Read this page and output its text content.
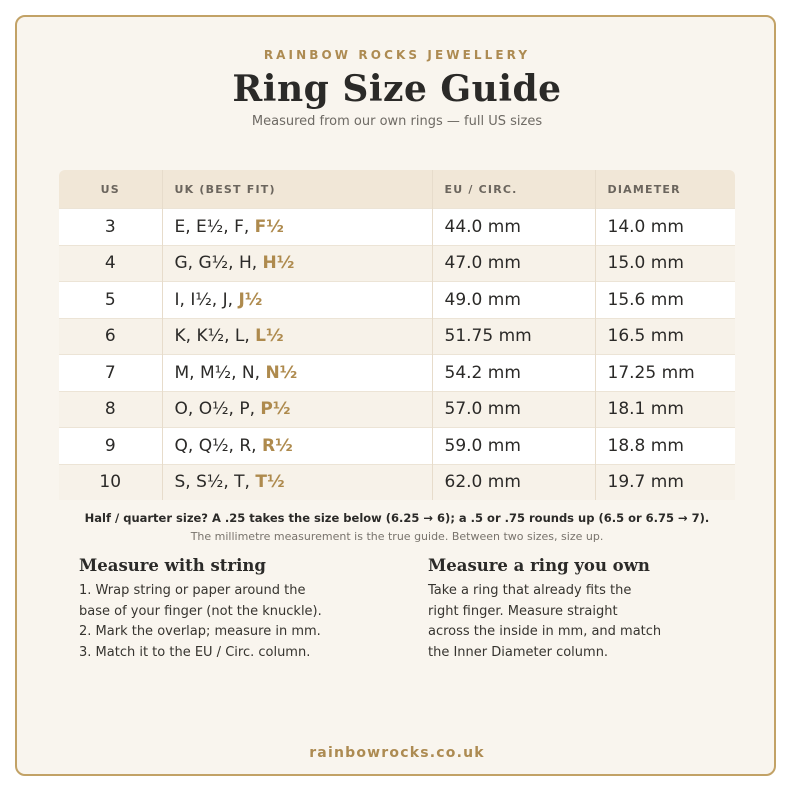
RAINBOW ROCKS JEWELLERY
Ring Size Guide
Measured from our own rings — full US sizes
US	UK (BEST FIT)	EU / CIRC.	DIAMETER
3	E, E½, F, F½	44.0 mm	14.0 mm
4	G, G½, H, H½	47.0 mm	15.0 mm
5	I, I½, J, J½	49.0 mm	15.6 mm
6	K, K½, L, L½	51.75 mm	16.5 mm
7	M, M½, N, N½	54.2 mm	17.25 mm
8	O, O½, P, P½	57.0 mm	18.1 mm
9	Q, Q½, R, R½	59.0 mm	18.8 mm
10	S, S½, T, T½	62.0 mm	19.7 mm
Half / quarter size? A .25 takes the size below (6.25 → 6); a .5 or .75 rounds up (6.5 or 6.75 → 7).
The millimetre measurement is the true guide. Between two sizes, size up.
Measure with string

1. Wrap string or paper around the

base of your finger (not the knuckle).

2. Mark the overlap; measure in mm.

3. Match it to the EU / Circ. column.

Measure a ring you own

Take a ring that already fits the

right finger. Measure straight

across the inside in mm, and match

the Inner Diameter column.

rainbowrocks.co.uk
